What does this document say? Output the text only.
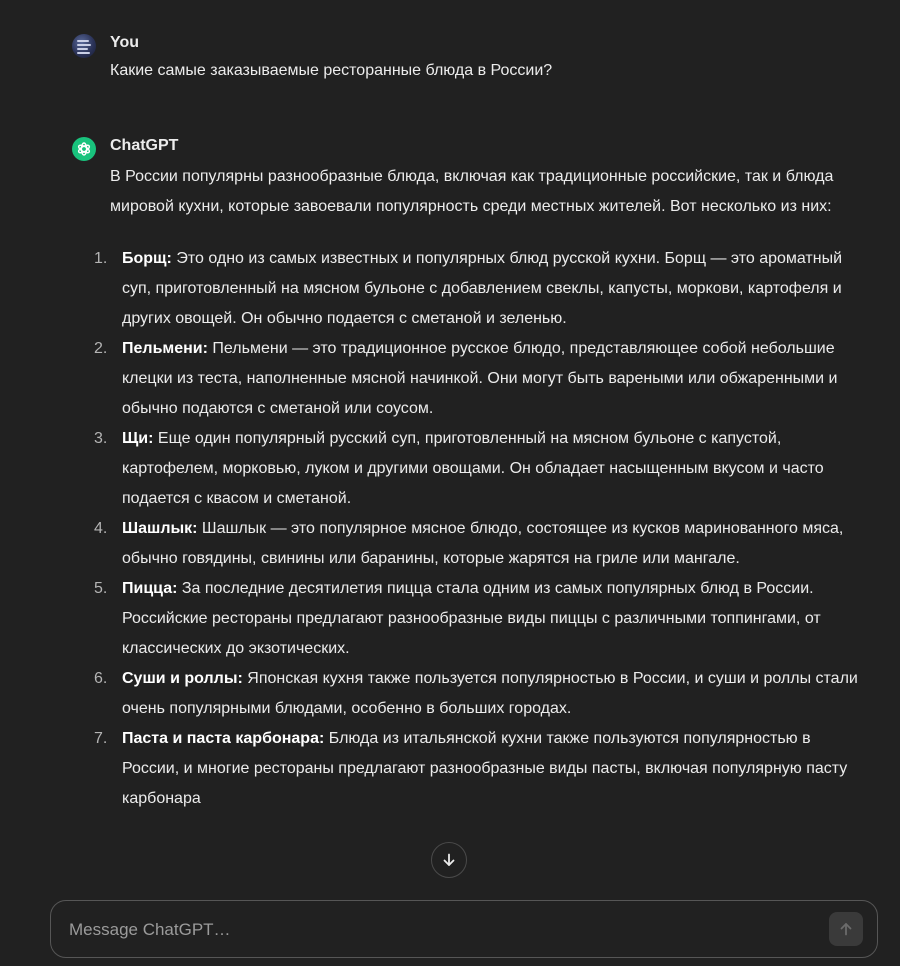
You
Какие самые заказываемые ресторанные блюда в России?
ChatGPT

В России популярны разнообразные блюда, включая как традиционные российские, так и блюда мировой кухни, которые завоевали популярность среди местных жителей. Вот несколько из них:

1. Борщ: Это одно из самых известных и популярных блюд русской кухни. Борщ — это ароматный суп, приготовленный на мясном бульоне с добавлением свеклы, капусты, моркови, картофеля и других овощей. Он обычно подается с сметаной и зеленью.
2. Пельмени: Пельмени — это традиционное русское блюдо, представляющее собой небольшие клецки из теста, наполненные мясной начинкой. Они могут быть вареными или обжаренными и обычно подаются с сметаной или соусом.
3. Щи: Еще один популярный русский суп, приготовленный на мясном бульоне с капустой, картофелем, морковью, луком и другими овощами. Он обладает насыщенным вкусом и часто подается с квасом и сметаной.
4. Шашлык: Шашлык — это популярное мясное блюдо, состоящее из кусков маринованного мяса, обычно говядины, свинины или баранины, которые жарятся на гриле или мангале.
5. Пицца: За последние десятилетия пицца стала одним из самых популярных блюд в России. Российские рестораны предлагают разнообразные виды пиццы с различными топпингами, от классических до экзотических.
6. Суши и роллы: Японская кухня также пользуется популярностью в России, и суши и роллы стали очень популярными блюдами, особенно в больших городах.
7. Паста и паста карбонара: Блюда из итальянской кухни также пользуются популярностью в России, и многие рестораны предлагают разнообразные виды пасты, включая популярную пасту карбонара
Message ChatGPT…
